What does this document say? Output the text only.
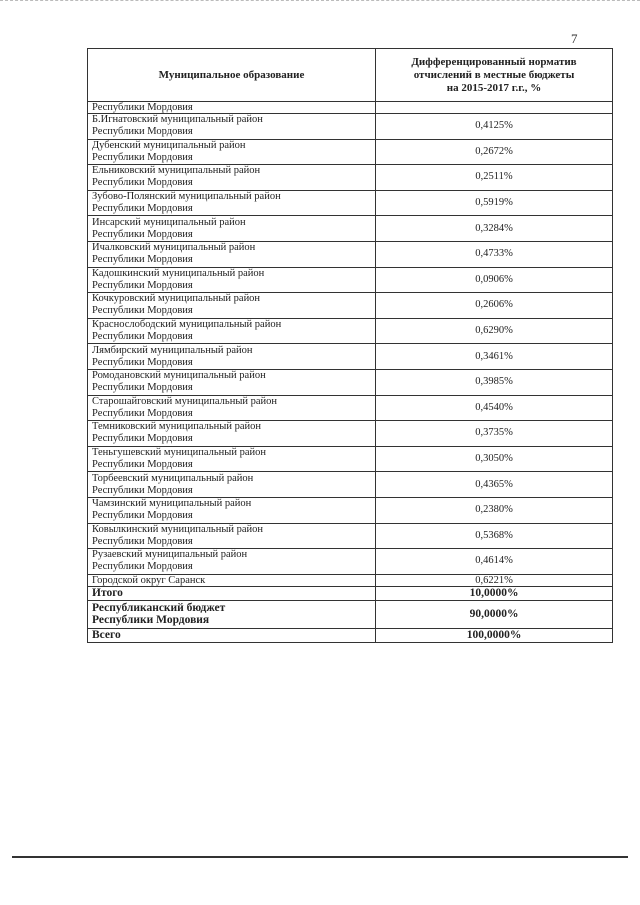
7
Муниципальное образование	Дифференцированный норматив
отчислений в местные бюджеты
на 2015-2017 г.г., %
Республики Мордовия	

Б.Игнатовский муниципальный район
Республики Мордовия	0,4125%

Дубенский муниципальный район
Республики Мордовия	0,2672%

Ельниковский муниципальный район
Республики Мордовия	0,2511%

Зубово-Полянский муниципальный район
Республики Мордовия	0,5919%

Инсарский муниципальный район
Республики Мордовия	0,3284%

Ичалковский муниципальный район
Республики Мордовия	0,4733%

Кадошкинский муниципальный район
Республики Мордовия	0,0906%

Кочкуровский муниципальный район
Республики Мордовия	0,2606%

Краснослободский муниципальный район
Республики Мордовия	0,6290%

Лямбирский муниципальный район
Республики Мордовия	0,3461%

Ромодановский муниципальный район
Республики Мордовия	0,3985%

Старошайговский муниципальный район
Республики Мордовия	0,4540%

Темниковский муниципальный район
Республики Мордовия	0,3735%

Теньгушевский муниципальный район
Республики Мордовия	0,3050%

Торбеевский муниципальный район
Республики Мордовия	0,4365%

Чамзинский муниципальный район
Республики Мордовия	0,2380%

Ковылкинский муниципальный район
Республики Мордовия	0,5368%

Рузаевский муниципальный район
Республики Мордовия	0,4614%
Городской округ Саранск	0,6221%
Итого	10,0000%

Республиканский бюджет
Республики Мордовия	90,0000%
Всего	100,0000%
